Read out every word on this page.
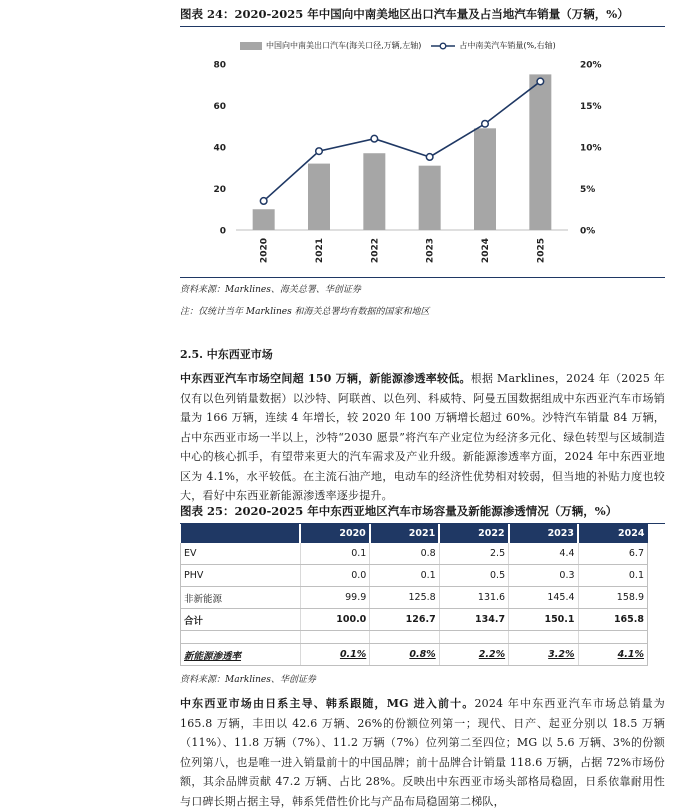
图表 24：2020-2025 年中国向中南美地区出口汽车量及占当地汽车销量（万辆，%）
中国向中南美出口汽车(海关口径,万辆,左轴)	占中南美汽车销量(%,右轴)
0
20
40
60
80
0%
5%
10%
15%
20%
2020	2021	2022	2023	2024	2025
资料来源：Marklines、海关总署、华创证券
注：仅统计当年 Marklines 和海关总署均有数据的国家和地区
2.5. 中东西亚市场
中东西亚汽车市场空间超 150 万辆，新能源渗透率较低。根据 Marklines，2024 年（2025 年仅有以色列销量数据）以沙特、阿联酋、以色列、科威特、阿曼五国数据组成中东西亚汽车市场销量为 166 万辆，连续 4 年增长，较 2020 年 100 万辆增长超过 60%。沙特汽车销量 84 万辆，占中东西亚市场一半以上，沙特“2030 愿景”将汽车产业定位为经济多元化、绿色转型与区域制造中心的核心抓手，有望带来更大的汽车需求及产业升级。新能源渗透率方面，2024 年中东西亚地区为 4.1%，水平较低。在主流石油产地，电动车的经济性优势相对较弱，但当地的补贴力度也较大，看好中东西亚新能源渗透率逐步提升。
图表 25：2020-2025 年中东西亚地区汽车市场容量及新能源渗透情况（万辆，%）
	2020	2021	2022	2023	2024
EV	0.1	0.8	2.5	4.4	6.7
PHV	0.0	0.1	0.5	0.3	0.1
非新能源	99.9	125.8	131.6	145.4	158.9
合计	100.0	126.7	134.7	150.1	165.8

新能源渗透率	0.1%	0.8%	2.2%	3.2%	4.1%
资料来源：Marklines、华创证券
中东西亚市场由日系主导、韩系跟随，MG 进入前十。2024 年中东西亚汽车市场总销量为 165.8 万辆，丰田以 42.6 万辆、26%的份额位列第一；现代、日产、起亚分别以 18.5 万辆（11%）、11.8 万辆（7%）、11.2 万辆（7%）位列第二至四位；MG 以 5.6 万辆、3%的份额位列第八，也是唯一进入销量前十的中国品牌；前十品牌合计销量 118.6 万辆，占据 72%市场份额，其余品牌贡献 47.2 万辆、占比 28%。反映出中东西亚市场头部格局稳固，日系依靠耐用性与口碑长期占据主导，韩系凭借性价比与产品布局稳固第二梯队，
